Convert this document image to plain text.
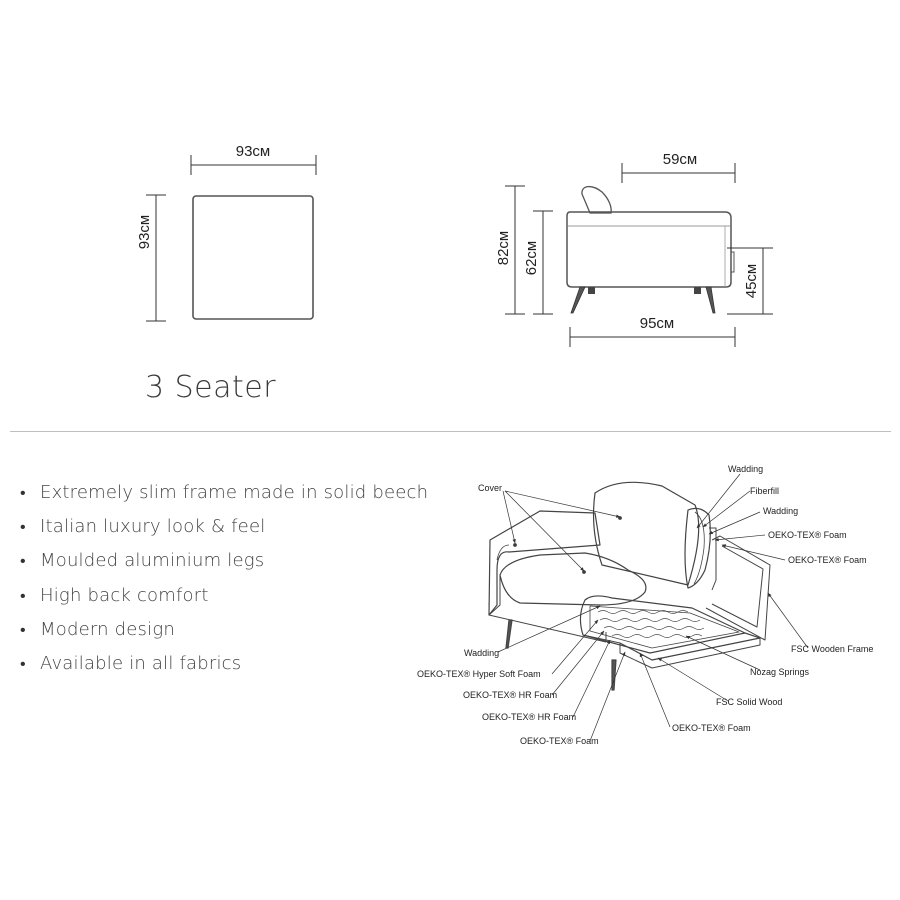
93см
93см
59см
82см 62см
45см
95см
Cover
Wadding
Fiberfill
Wadding
OEKO-TEX® Foam
OEKO-TEX® Foam
FSC Wooden Frame
Nozag Springs
FSC Solid Wood
OEKO-TEX® Foam
Wadding
OEKO-TEX® Hyper Soft Foam
OEKO-TEX® HR Foam
OEKO-TEX® HR Foam
OEKO-TEX® Foam
3 Seater
• Extremely slim frame made in solid beech
• Italian luxury look & feel
• Moulded aluminium legs
• High back comfort
• Modern design
• Available in all fabrics
